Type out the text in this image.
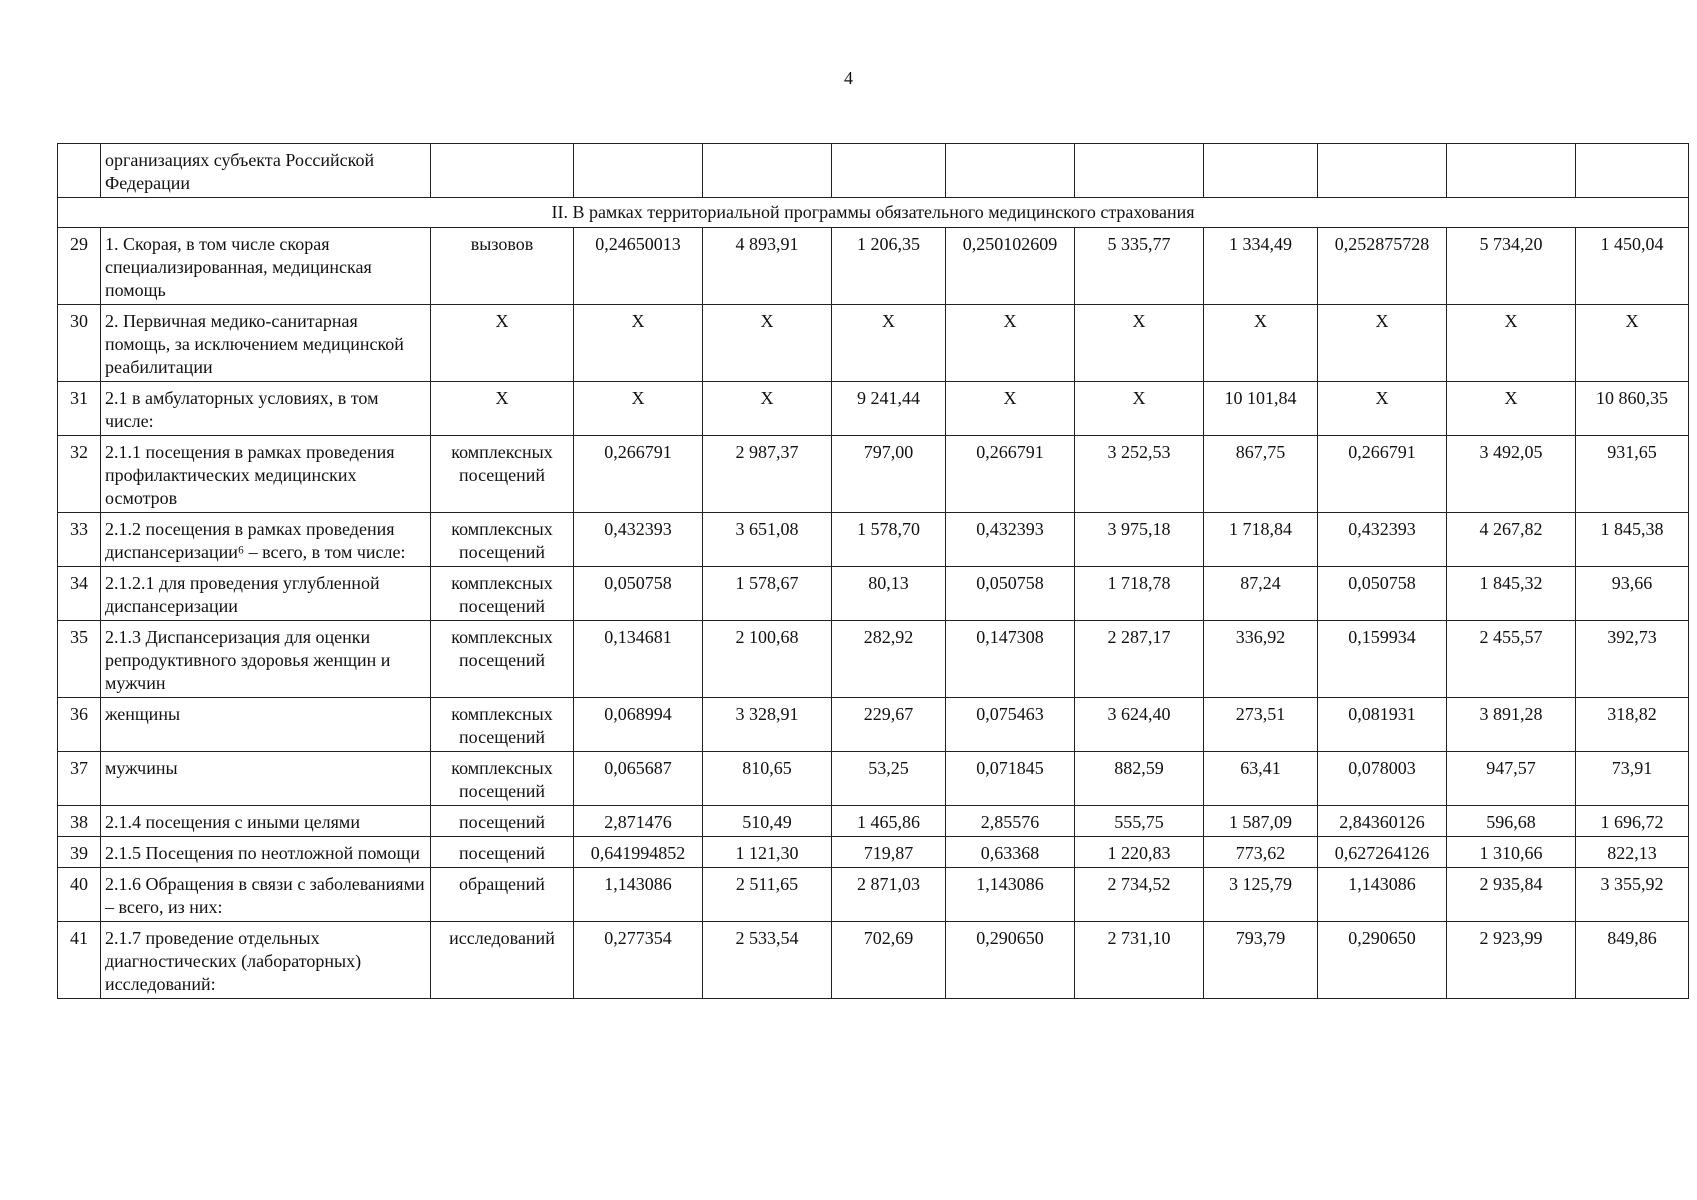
4
	организациях субъекта Российской Федерации										
II. В рамках территориальной программы обязательного медицинского страхования											
29	1. Скорая, в том числе скорая специализированная, медицинская помощь	вызовов	0,24650013	4 893,91	1 206,35	0,250102609	5 335,77	1 334,49	0,252875728	5 734,20	1 450,04
30	2. Первичная медико-санитарная помощь, за исключением медицинской реабилитации	Х	Х	Х	Х	Х	Х	Х	Х	Х	Х
31	2.1 в амбулаторных условиях, в том числе:	Х	Х	Х	9 241,44	Х	Х	10 101,84	Х	Х	10 860,35
32	2.1.1 посещения в рамках проведения профилактических медицинских осмотров	комплексных посещений	0,266791	2 987,37	797,00	0,266791	3 252,53	867,75	0,266791	3 492,05	931,65
33	2.1.2 посещения в рамках проведения диспансеризации⁶ – всего, в том числе:	комплексных посещений	0,432393	3 651,08	1 578,70	0,432393	3 975,18	1 718,84	0,432393	4 267,82	1 845,38
34	2.1.2.1 для проведения углубленной диспансеризации	комплексных посещений	0,050758	1 578,67	80,13	0,050758	1 718,78	87,24	0,050758	1 845,32	93,66
35	2.1.3 Диспансеризация для оценки репродуктивного здоровья женщин и мужчин	комплексных посещений	0,134681	2 100,68	282,92	0,147308	2 287,17	336,92	0,159934	2 455,57	392,73
36	женщины	комплексных посещений	0,068994	3 328,91	229,67	0,075463	3 624,40	273,51	0,081931	3 891,28	318,82
37	мужчины	комплексных посещений	0,065687	810,65	53,25	0,071845	882,59	63,41	0,078003	947,57	73,91
38	2.1.4 посещения с иными целями	посещений	2,871476	510,49	1 465,86	2,85576	555,75	1 587,09	2,84360126	596,68	1 696,72
39	2.1.5 Посещения по неотложной помощи	посещений	0,641994852	1 121,30	719,87	0,63368	1 220,83	773,62	0,627264126	1 310,66	822,13
40	2.1.6 Обращения в связи с заболеваниями – всего, из них:	обращений	1,143086	2 511,65	2 871,03	1,143086	2 734,52	3 125,79	1,143086	2 935,84	3 355,92
41	2.1.7 проведение отдельных диагностических (лабораторных) исследований:	исследований	0,277354	2 533,54	702,69	0,290650	2 731,10	793,79	0,290650	2 923,99	849,86
